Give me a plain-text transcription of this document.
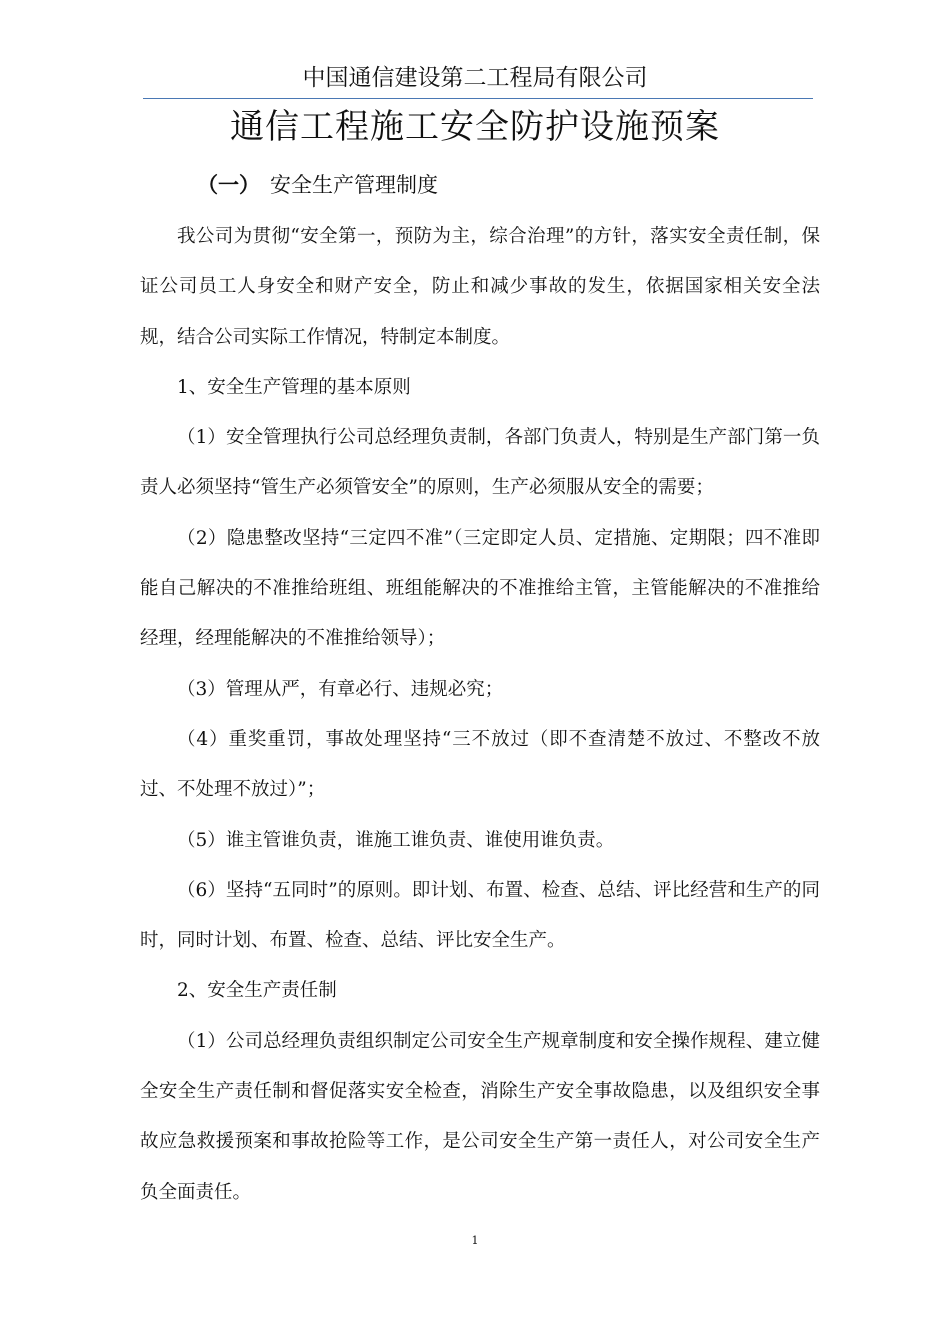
中国通信建设第二工程局有限公司
通信工程施工安全防护设施预案
（一） 安全生产管理制度

我公司为贯彻“安全第一，预防为主，综合治理”的方针，落实安全责任制，保证公司员工人身安全和财产安全，防止和减少事故的发生，依据国家相关安全法规，结合公司实际工作情况，特制定本制度。

1、安全生产管理的基本原则

（1）安全管理执行公司总经理负责制，各部门负责人，特别是生产部门第一负责人必须坚持“管生产必须管安全”的原则，生产必须服从安全的需要；

（2）隐患整改坚持“三定四不准”（三定即定人员、定措施、定期限；四不准即能自己解决的不准推给班组、班组能解决的不准推给主管，主管能解决的不准推给经理，经理能解决的不准推给领导）；

（3）管理从严，有章必行、违规必究；

（4）重奖重罚，事故处理坚持“三不放过（即不查清楚不放过、不整改不放过、不处理不放过）”；

（5）谁主管谁负责，谁施工谁负责、谁使用谁负责。

（6）坚持“五同时”的原则。即计划、布置、检查、总结、评比经营和生产的同时，同时计划、布置、检查、总结、评比安全生产。

2、安全生产责任制

（1）公司总经理负责组织制定公司安全生产规章制度和安全操作规程、建立健全安全生产责任制和督促落实安全检查，消除生产安全事故隐患，以及组织安全事故应急救援预案和事故抢险等工作，是公司安全生产第一责任人，对公司安全生产负全面责任。

1
